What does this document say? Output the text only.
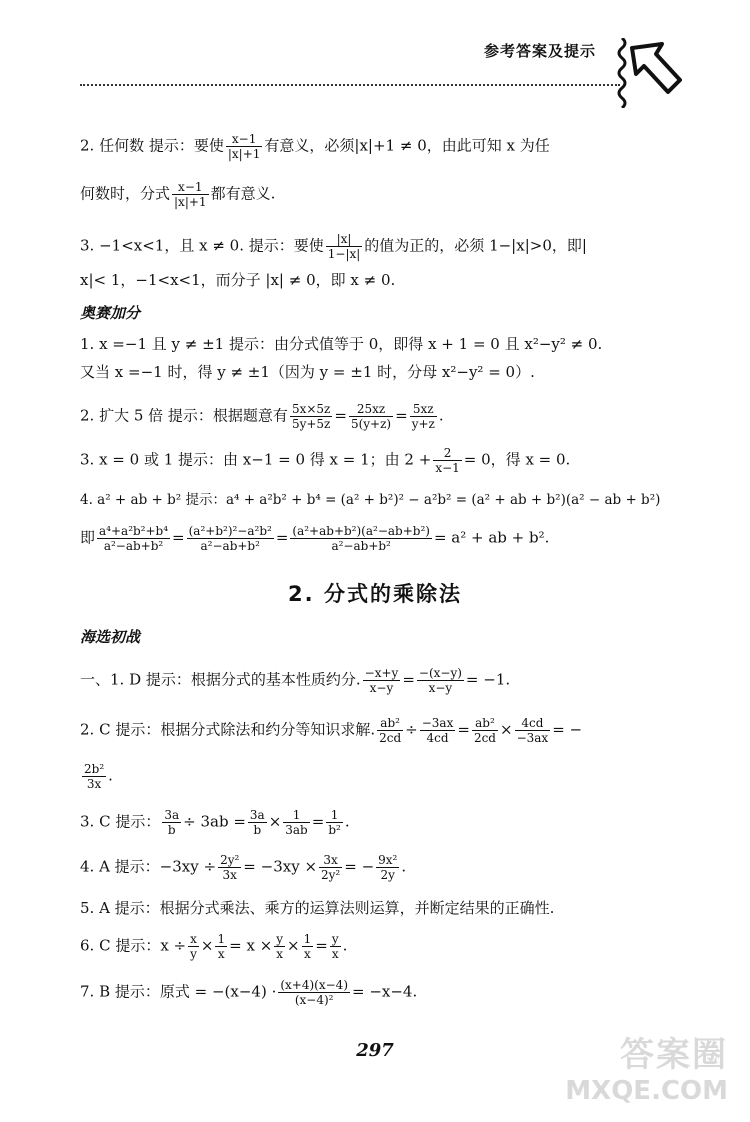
参考答案及提示
2. 任何数 提示：要使 $\frac{x-1}{|x|+1}$ 有意义，必须|x|+1 ≠ 0，由此可知 x 为任
何数时，分式 $\frac{x-1}{|x|+1}$ 都有意义.
3. −1<x<1，且 x ≠ 0. 提示：要使 $\frac{|x|}{1-|x|}$ 的值为正的，必须 1−|x|>0，即|
x|< 1，−1<x<1，而分子 |x| ≠ 0，即 x ≠ 0.
奥赛加分
1. x =−1 且 y ≠ ±1 提示：由分式值等于 0，即得 x + 1 = 0 且 x²−y² ≠ 0.
又当 x =−1 时，得 y ≠ ±1（因为 y = ±1 时，分母 x²−y² = 0）.
2. 扩大 5 倍 提示：根据题意有 $\frac{5x\times 5z}{5y+5z} = \frac{25xz}{5(y+z)} = \frac{5xz}{y+z}$ .
3. x = 0 或 1 提示：由 x−1 = 0 得 x = 1；由 $2 + \frac{2}{x-1} = 0$，得 x = 0.
4. a² + ab + b² 提示：a⁴ + a²b² + b⁴ = (a² + b²)² − a²b² = (a² + ab + b²)(a² − ab + b²)
即 $\frac{\text{a⁴+a²b²+b⁴}}{\text{a²−ab+b²}} = \frac{\text{(a²+b²)²−a²b²}}{\text{a²−ab+b²}} = \frac{\text{(a²+ab+b²)(a²−ab+b²)}}{\text{a²−ab+b²}} = a^2$ + ab + b².
2. 分式的乘除法
海选初战
一、1. D 提示：根据分式的基本性质约分. $\frac{-x+y}{x-y} = \frac{-(x-y)}{x-y} = -1$.
2. C 提示：根据分式除法和约分等知识求解. $\frac{\text{ab²}}{2cd} \div \frac{-3ax}{4cd} = \frac{\text{ab²}}{2cd} \times \frac{4cd}{-3ax}$ = −
$\frac{\text{2b²}}{3x}$ .
3. C 提示： $\frac{3a}{b} \div 3ab = \frac{3a}{b} \times \frac{1}{3ab} = \frac{1}{\text{b²}}$ .
4. A 提示：$-3xy \div \frac{\text{2y²}}{3x} = -3xy \times \frac{3x}{\text{2y²}}$ = − $\frac{\text{9x²}}{2y}$ .
5. A 提示：根据分式乘法、乘方的运算法则运算，并断定结果的正确性.
6. C 提示：$x \div \frac{x}{y} \times \frac{1}{x} = x \times \frac{y}{x} \times \frac{1}{x} = \frac{y}{x}$ .
7. B 提示：原式 = $-(x-4) \cdot \frac{(x+4)(x-4)}{\text{(x−4)²}} = -x-4$.
297	答案圈
MXQE.COM
